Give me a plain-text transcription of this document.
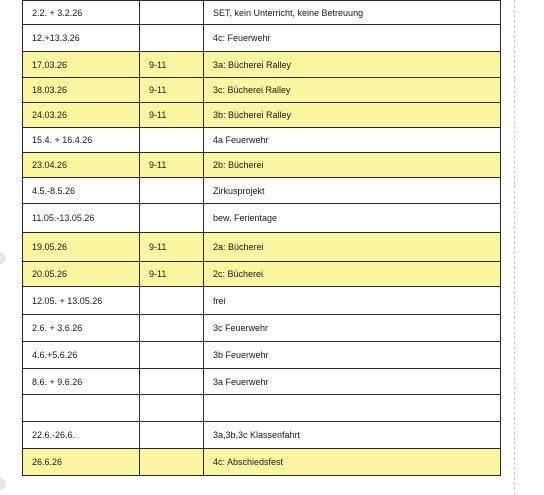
2.2. + 3.2.26		SET, kein Unterricht, keine Betreuung
12.+13.3.26		4c: Feuerwehr
17.03.26	9-11	3a: Bücherei Ralley
18.03.26	9-11	3c: Bücherei Ralley
24.03.26	9-11	3b: Bücherei Ralley
15.4. + 16.4.26		4a Feuerwehr
23.04.26	9-11	2b: Bücherei
4.5.-8.5.26		Zirkusprojekt
11.05.-13.05.26		bew. Ferientage
19.05.26	9-11	2a: Bücherei
20.05.26	9-11	2c: Bücherei
12.05. + 13.05.26		frei
2.6. + 3.6.26		3c Feuerwehr
4.6.+5.6.26		3b Feuerwehr
8.6. + 9.6.26		3a Feuerwehr

22.6.-26.6.		3a,3b,3c Klassenfahrt
26.6.26		4c: Abschiedsfest
